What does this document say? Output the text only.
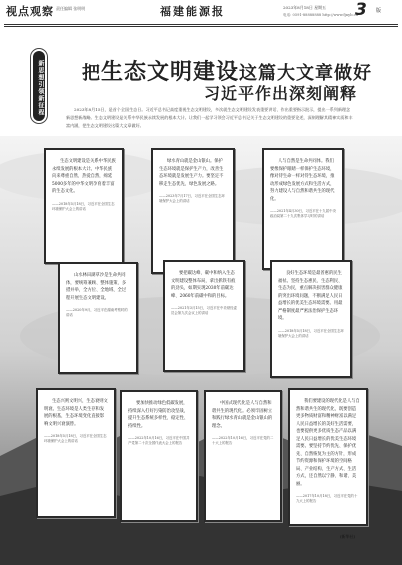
视点观察 责任编辑 张明明	福建能源报	2023年8月18日 星期五
电话: 0591-88888888 http://www.fjnyb.cn
3 版
新思想引领新征程 把生态文明建设这篇大文章做好
习近平作出深刻阐释
2023年8月15日，是首个全国生态日。习近平总书记高度重视生态文明建设，多次就生态文明建设发表重要讲话、作出重要指示批示，提出一系列新理念新思想新战略。生态文明建设是关系中华民族永续发展的根本大计。让我们一起学习领会习近平总书记关于生态文明建设的重要论述，深刻理解其精神实质和丰富内涵，把生态文明建设这篇大文章做好。
生态文明建设是关系中华民族永续发展的根本大计。中华民族向来尊重自然、热爱自然，绵延5000多年的中华文明孕育着丰富的生态文化。
——2018年5月18日，习近平在全国生态环境保护大会上的讲话
绿水青山就是金山银山。保护生态环境就是保护生产力，改善生态环境就是发展生产力。要坚定不移走生态优先、绿色发展之路。
——2023年7月17日，习近平在全国生态环境保护大会上的讲话
人与自然是生命共同体。我们要像保护眼睛一样保护生态环境，像对待生命一样对待生态环境，推动形成绿色发展方式和生活方式，努力建设人与自然和谐共生的现代化。
——2021年4月30日，习近平在十九届中央政治局第二十九次集体学习时的讲话
山水林田湖草沙是生命共同体，要统筹兼顾、整体施策、多措并举，全方位、全地域、全过程开展生态文明建设。
——2020年9月，习近平在湖南考察时的讲话
要把碳达峰、碳中和纳入生态文明建设整体布局，拿出抓铁有痕的劲头，如期实现2030年前碳达峰、2060年前碳中和的目标。
——2021年3月15日，习近平在中央财经委员会第九次会议上的讲话
良好生态环境是最普惠的民生福祉。坚持生态惠民、生态利民、生态为民，重点解决损害群众健康的突出环境问题，不断满足人民日益增长的优美生态环境需要。用最严格制度最严密法治保护生态环境。
——2018年5月18日，习近平在全国生态环境保护大会上的讲话
生态兴则文明兴，生态衰则文明衰。生态环境是人类生存和发展的根基，生态环境变化直接影响文明兴衰演替。
——2018年5月18日，习近平在全国生态环境保护大会上的讲话
要加快推动绿色低碳发展，持续深入打好污染防治攻坚战，提升生态系统多样性、稳定性、持续性。
——2022年10月16日，习近平在中国共产党第二十次全国代表大会上的报告
中国式现代化是人与自然和谐共生的现代化。必须牢固树立和践行绿水青山就是金山银山的理念。
——2022年10月16日，习近平在党的二十大上的报告
我们要建设的现代化是人与自然和谐共生的现代化，既要创造更多物质财富和精神财富以满足人民日益增长的美好生活需要，也要提供更多优质生态产品以满足人民日益增长的优美生态环境需要。要坚持节约优先、保护优先、自然恢复为主的方针，形成节约资源和保护环境的空间格局、产业结构、生产方式、生活方式，还自然以宁静、和谐、美丽。
——2017年10月18日，习近平在党的十九大上的报告
(新华社)
